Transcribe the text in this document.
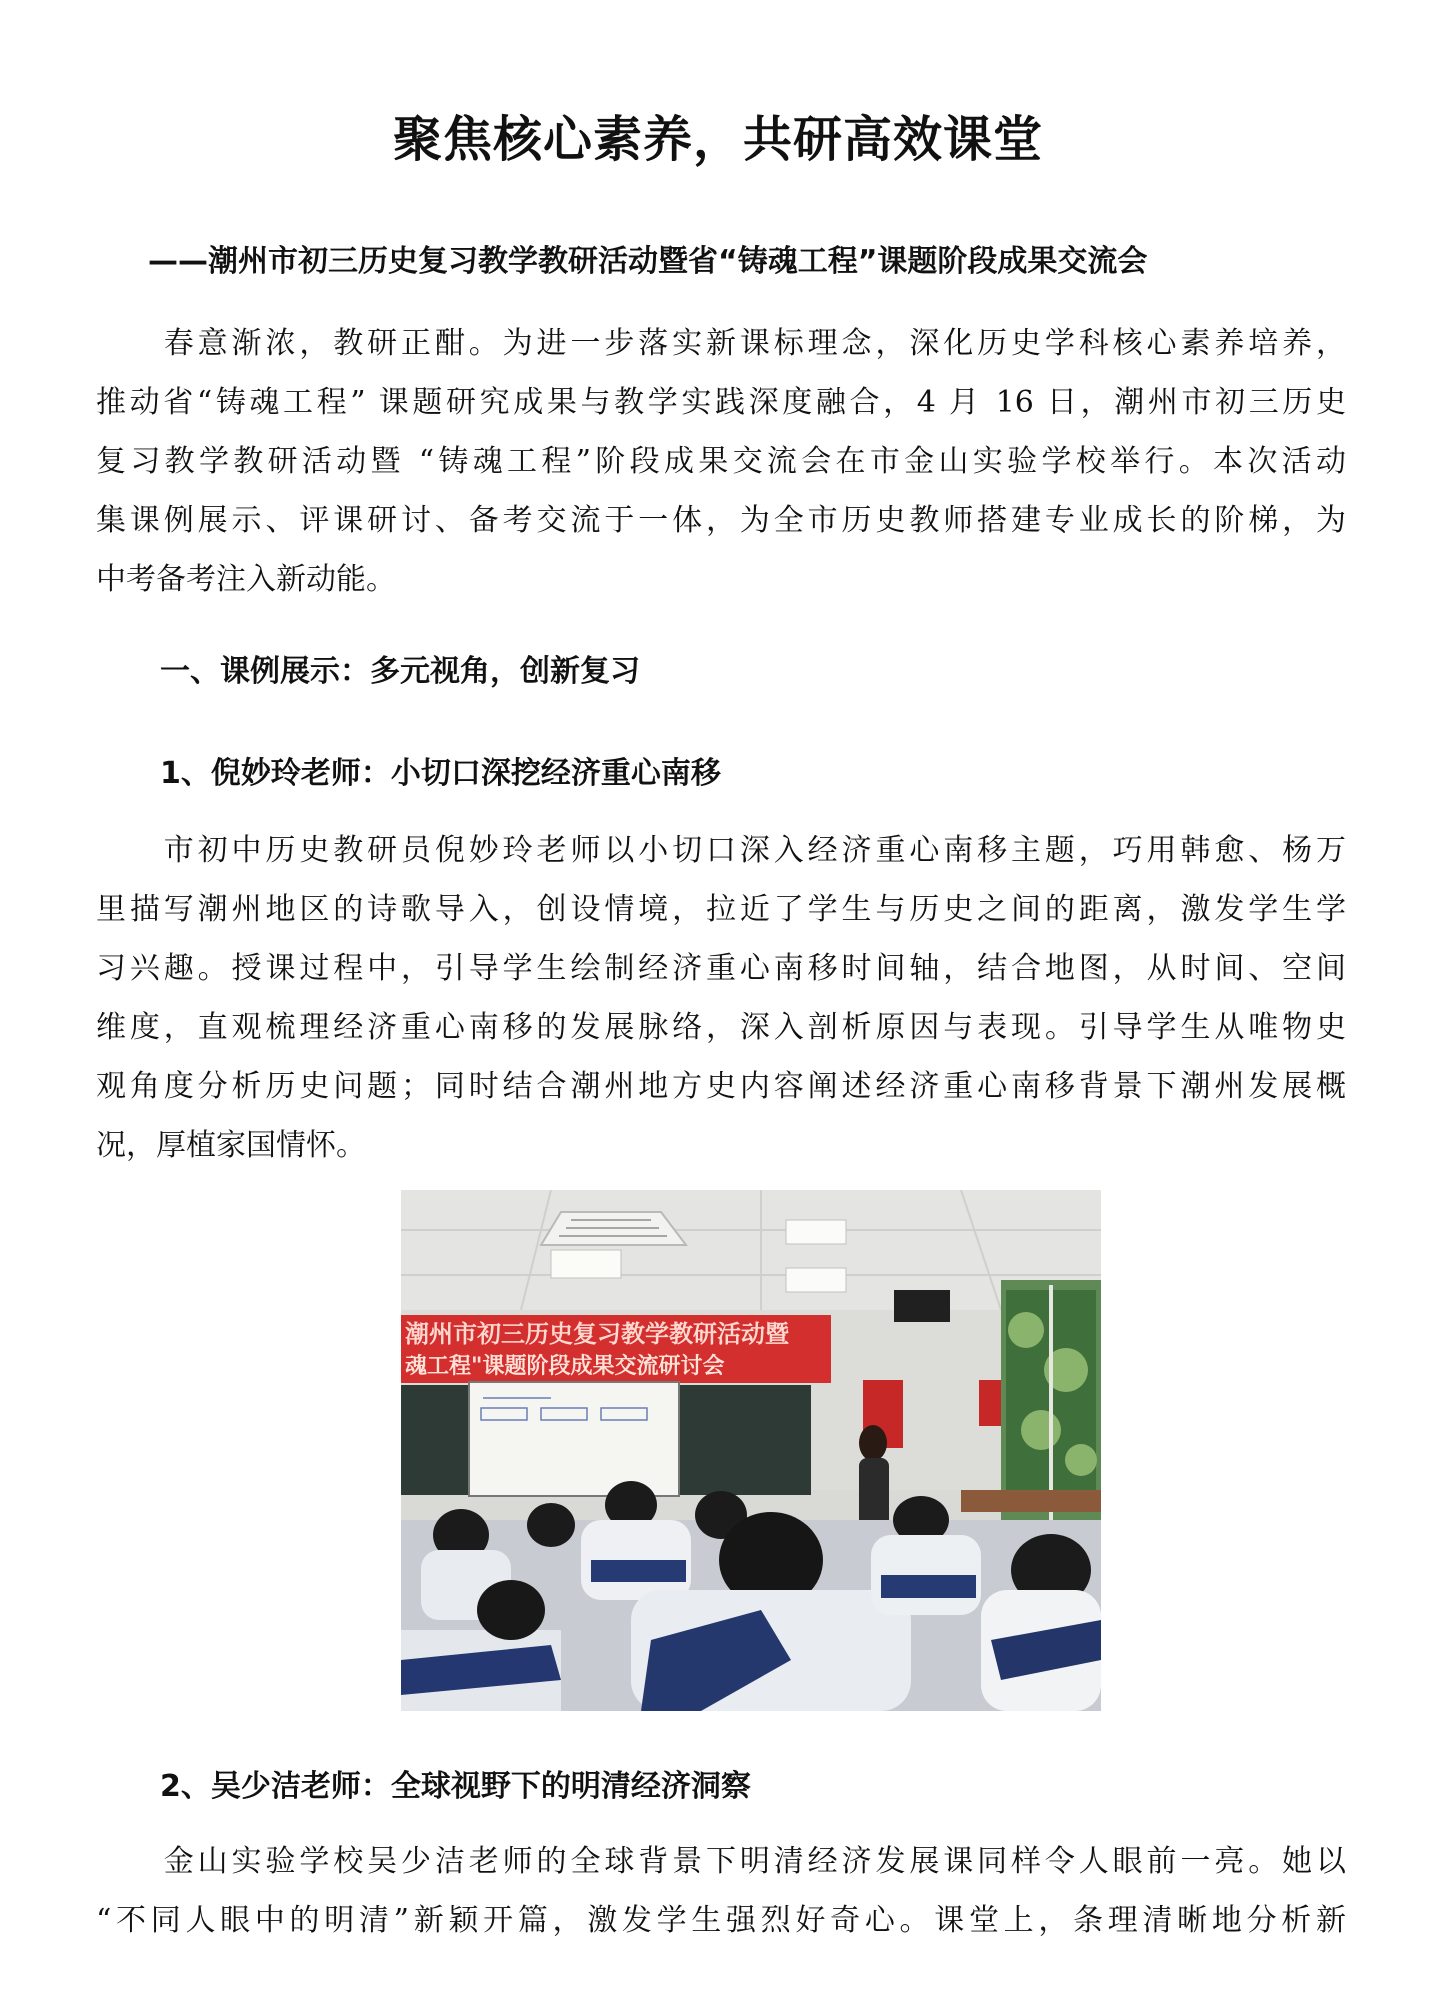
聚焦核心素养，共研高效课堂
——潮州市初三历史复习教学教研活动暨省“铸魂工程”课题阶段成果交流会
　　春意渐浓，教研正酣。为进一步落实新课标理念，深化历史学科核心素养培养，
推动省“铸魂工程” 课题研究成果与教学实践深度融合，4 月 16 日，潮州市初三历史
复习教学教研活动暨 “铸魂工程”阶段成果交流会在市金山实验学校举行。本次活动
集课例展示、评课研讨、备考交流于一体，为全市历史教师搭建专业成长的阶梯，为
中考备考注入新动能。
一、课例展示：多元视角，创新复习
1、倪妙玲老师：小切口深挖经济重心南移
　　市初中历史教研员倪妙玲老师以小切口深入经济重心南移主题，巧用韩愈、杨万
里描写潮州地区的诗歌导入，创设情境，拉近了学生与历史之间的距离，激发学生学
习兴趣。授课过程中，引导学生绘制经济重心南移时间轴，结合地图，从时间、空间
维度，直观梳理经济重心南移的发展脉络，深入剖析原因与表现。引导学生从唯物史
观角度分析历史问题；同时结合潮州地方史内容阐述经济重心南移背景下潮州发展概
况，厚植家国情怀。
潮州市初三历史复习教学教研活动暨
魂工程"课题阶段成果交流研讨会
2、吴少洁老师：全球视野下的明清经济洞察
　　金山实验学校吴少洁老师的全球背景下明清经济发展课同样令人眼前一亮。她以
“不同人眼中的明清”新颖开篇，激发学生强烈好奇心。课堂上，条理清晰地分析新
